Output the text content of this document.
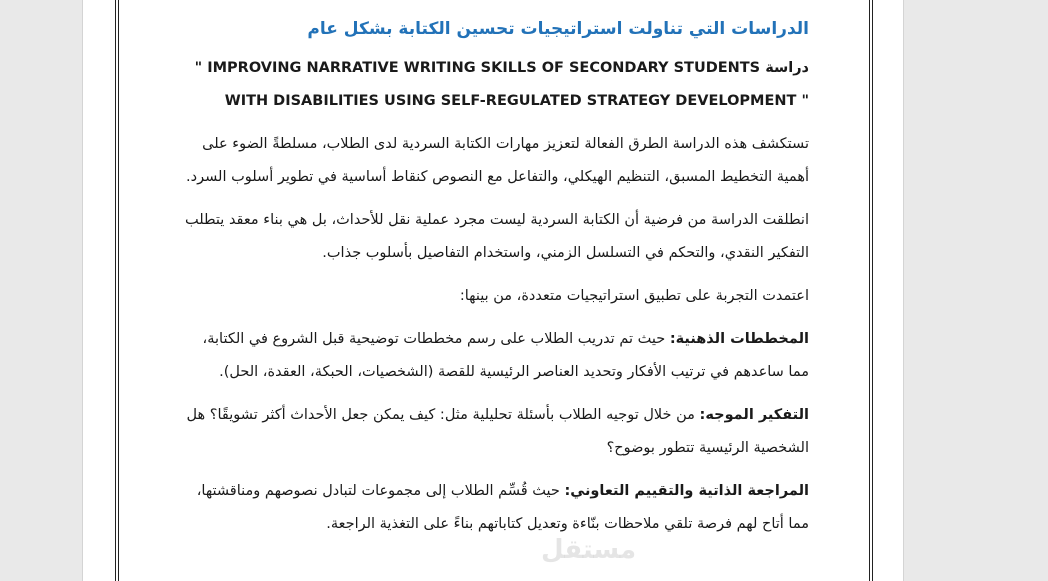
الدراسات التي تناولت استراتيجيات تحسين الكتابة بشكل عام
دراسة " IMPROVING NARRATIVE WRITING SKILLS OF SECONDARY STUDENTS
WITH DISABILITIES USING SELF-REGULATED STRATEGY DEVELOPMENT "

تستكشف هذه الدراسة الطرق الفعالة لتعزيز مهارات الكتابة السردية لدى الطلاب، مسلطةً الضوء على أهمية التخطيط المسبق، التنظيم الهيكلي، والتفاعل مع النصوص كنقاط أساسية في تطوير أسلوب السرد.

انطلقت الدراسة من فرضية أن الكتابة السردية ليست مجرد عملية نقل للأحداث، بل هي بناء معقد يتطلب التفكير النقدي، والتحكم في التسلسل الزمني، واستخدام التفاصيل بأسلوب جذاب.

اعتمدت التجربة على تطبيق استراتيجيات متعددة، من بينها:

المخططات الذهنية: حيث تم تدريب الطلاب على رسم مخططات توضيحية قبل الشروع في الكتابة، مما ساعدهم في ترتيب الأفكار وتحديد العناصر الرئيسية للقصة (الشخصيات، الحبكة، العقدة، الحل).

التفكير الموجه: من خلال توجيه الطلاب بأسئلة تحليلية مثل: كيف يمكن جعل الأحداث أكثر تشويقًا؟ هل الشخصية الرئيسية تتطور بوضوح؟

المراجعة الذاتية والتقييم التعاوني: حيث قُسِّم الطلاب إلى مجموعات لتبادل نصوصهم ومناقشتها، مما أتاح لهم فرصة تلقي ملاحظات بنّاءة وتعديل كتاباتهم بناءً على التغذية الراجعة.

مستقل
